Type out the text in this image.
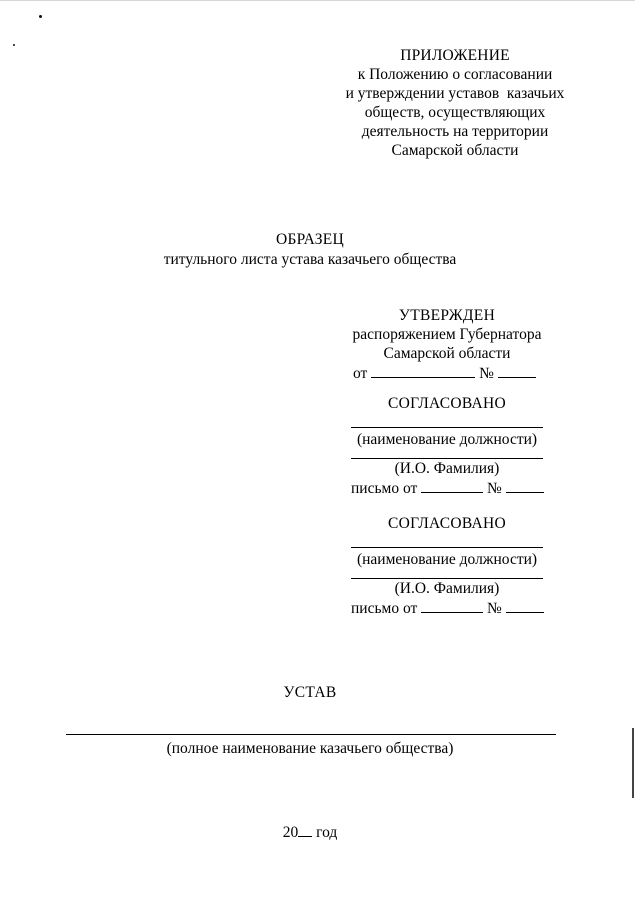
ПРИЛОЖЕНИЕ
к Положению о согласовании
и утверждении уставов  казачьих
обществ, осуществляющих
деятельность на территории
Самарской области
ОБРАЗЕЦ
титульного листа устава казачьего общества
УТВЕРЖДЕН
распоряжением Губернатора
Самарской области
от	№
СОГЛАСОВАНО
(наименование должности)
(И.О. Фамилия)
письмо от	№
СОГЛАСОВАНО
(наименование должности)
(И.О. Фамилия)
письмо от	№
УСТАВ
(полное наименование казачьего общества)
20 год
